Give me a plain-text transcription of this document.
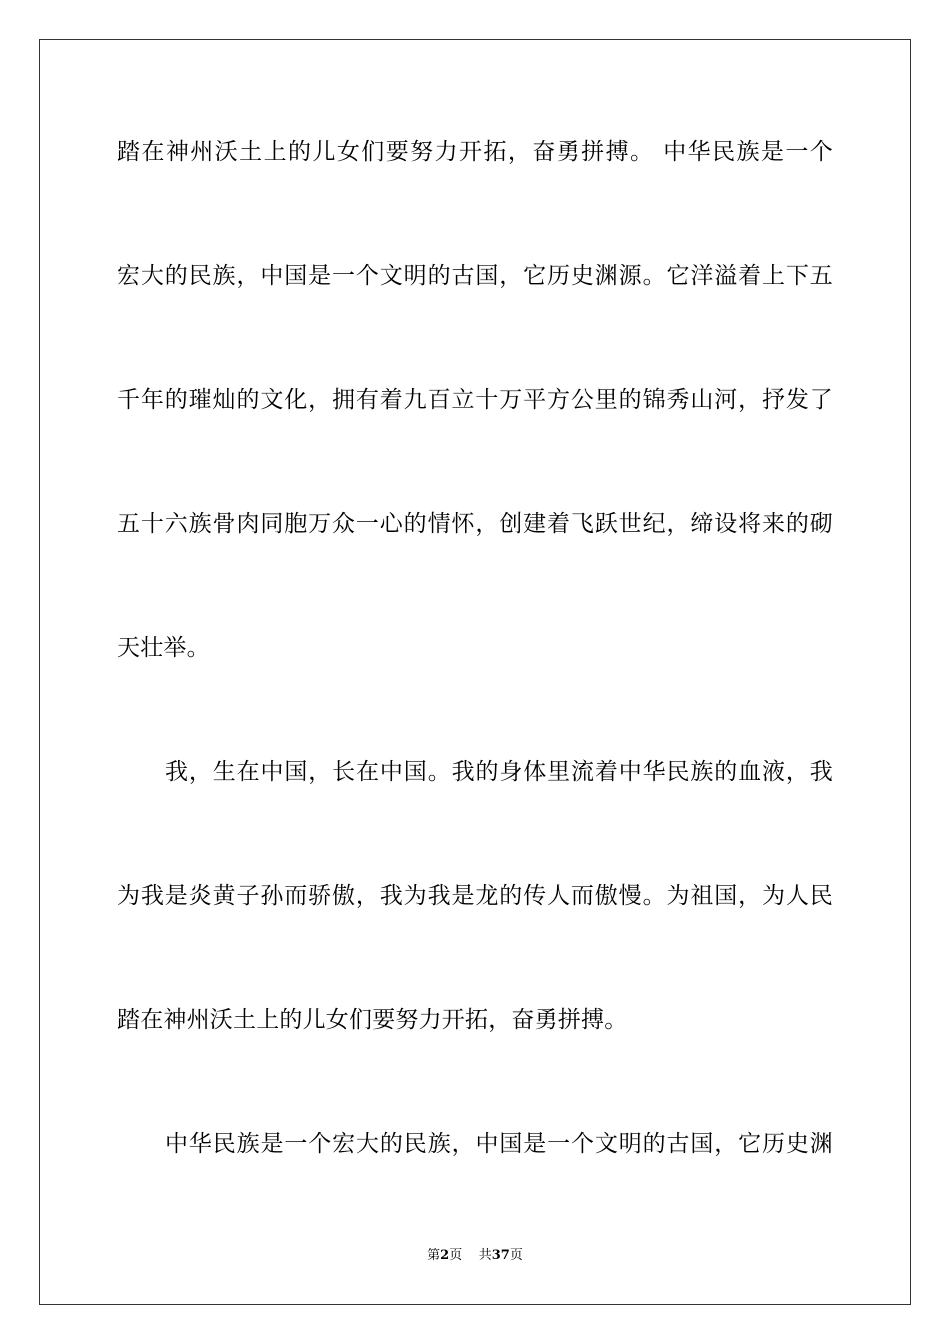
踏在神州沃土上的儿女们要努力开拓，奋勇拼搏。 中华民族是一个
宏大的民族，中国是一个文明的古国，它历史渊源。它洋溢着上下五
千年的璀灿的文化，拥有着九百立十万平方公里的锦秀山河，抒发了
五十六族骨肉同胞万众一心的情怀，创建着飞跃世纪，缔设将来的砌
天壮举。
我，生在中国，长在中国。我的身体里流着中华民族的血液，我
为我是炎黄子孙而骄傲，我为我是龙的传人而傲慢。为祖国，为人民
踏在神州沃土上的儿女们要努力开拓，奋勇拼搏。
中华民族是一个宏大的民族，中国是一个文明的古国，它历史渊
第2页 共37页
